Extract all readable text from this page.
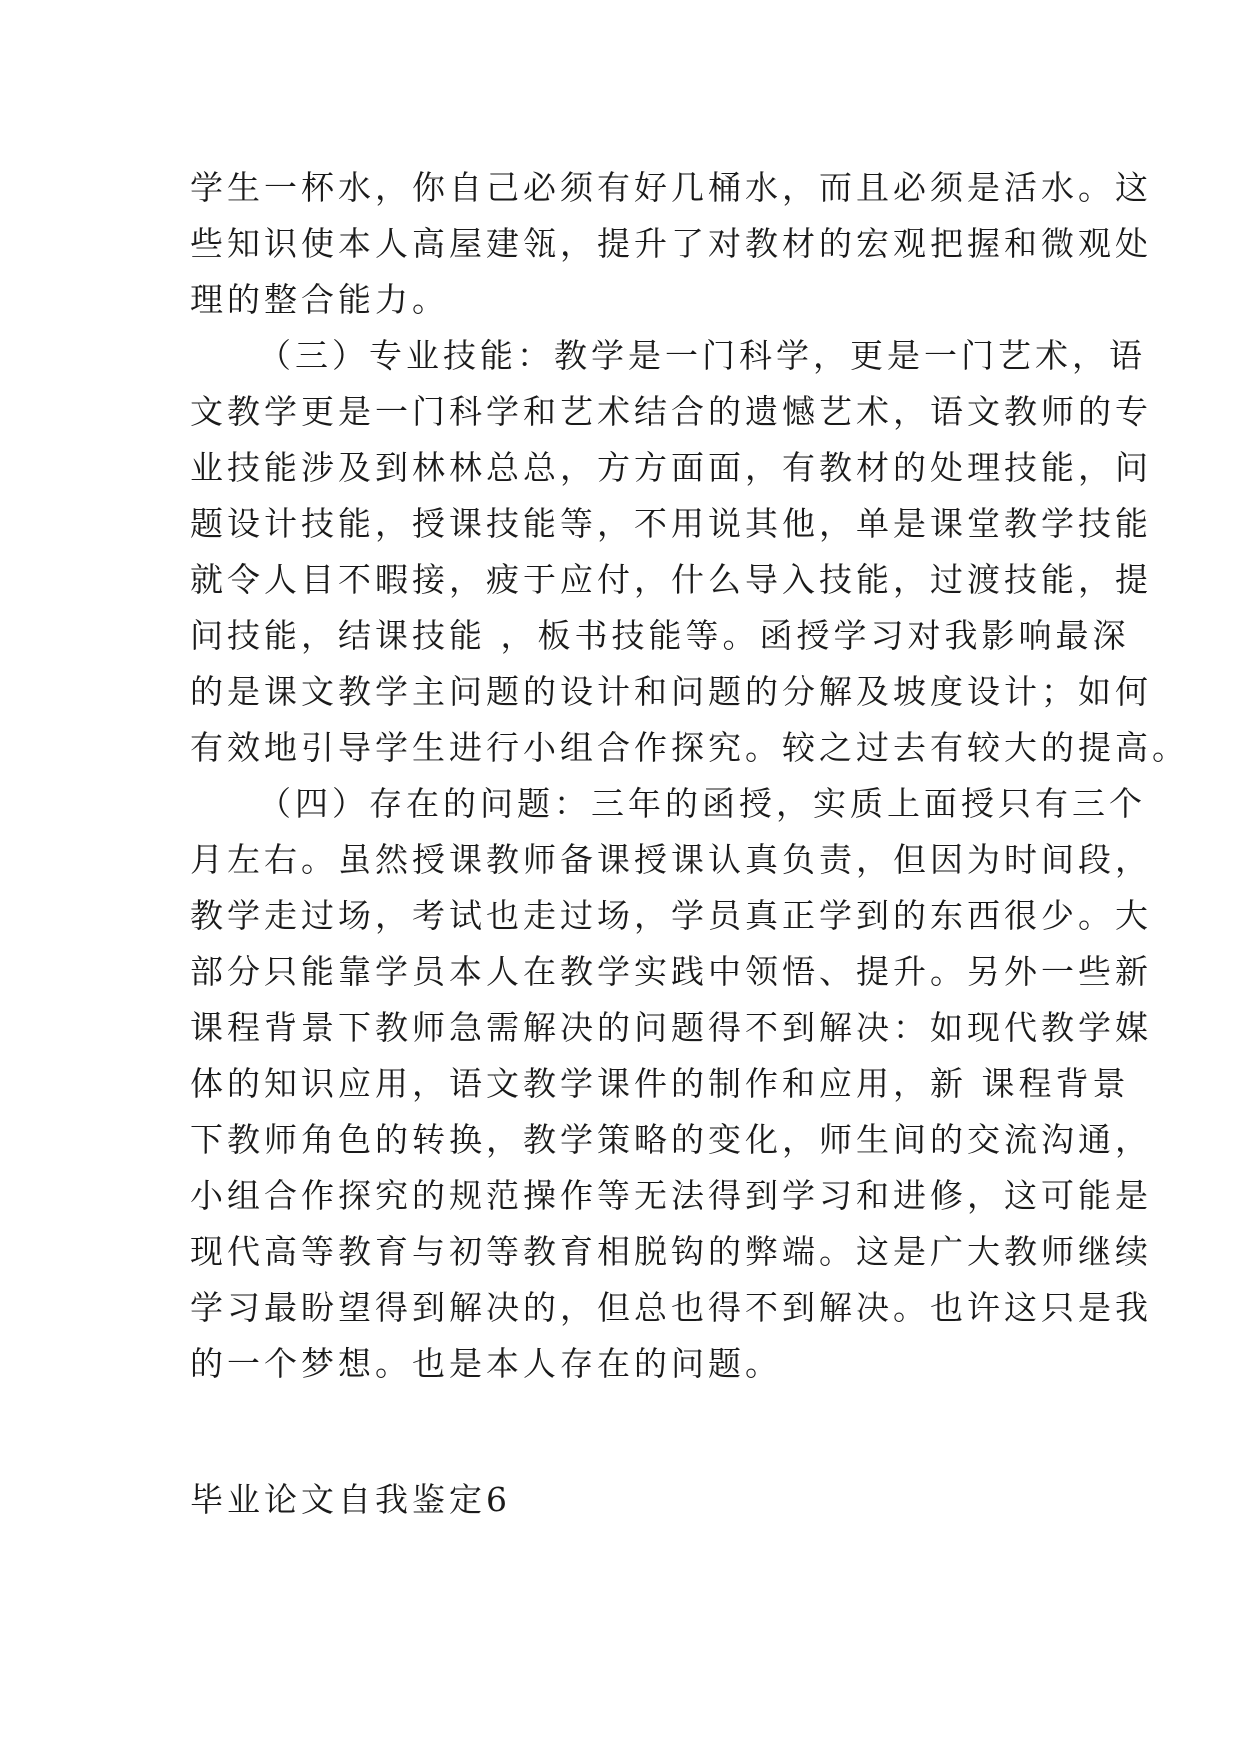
学生一杯水，你自己必须有好几桶水，而且必须是活水。这
些知识使本人高屋建瓴，提升了对教材的宏观把握和微观处
理的整合能力。
（三）专业技能：教学是一门科学，更是一门艺术，语
文教学更是一门科学和艺术结合的遗憾艺术，语文教师的专
业技能涉及到林林总总，方方面面，有教材的处理技能，问
题设计技能，授课技能等，不用说其他，单是课堂教学技能
就令人目不暇接，疲于应付，什么导入技能，过渡技能，提
问技能，结课技能 ，板书技能等。函授学习对我影响最深
的是课文教学主问题的设计和问题的分解及坡度设计；如何
有效地引导学生进行小组合作探究。较之过去有较大的提高。
（四）存在的问题：三年的函授，实质上面授只有三个
月左右。虽然授课教师备课授课认真负责，但因为时间段，
教学走过场，考试也走过场，学员真正学到的东西很少。大
部分只能靠学员本人在教学实践中领悟、提升。另外一些新
课程背景下教师急需解决的问题得不到解决：如现代教学媒
体的知识应用，语文教学课件的制作和应用，新 课程背景
下教师角色的转换，教学策略的变化，师生间的交流沟通，
小组合作探究的规范操作等无法得到学习和进修，这可能是
现代高等教育与初等教育相脱钩的弊端。这是广大教师继续
学习最盼望得到解决的，但总也得不到解决。也许这只是我
的一个梦想。也是本人存在的问题。
毕业论文自我鉴定6
